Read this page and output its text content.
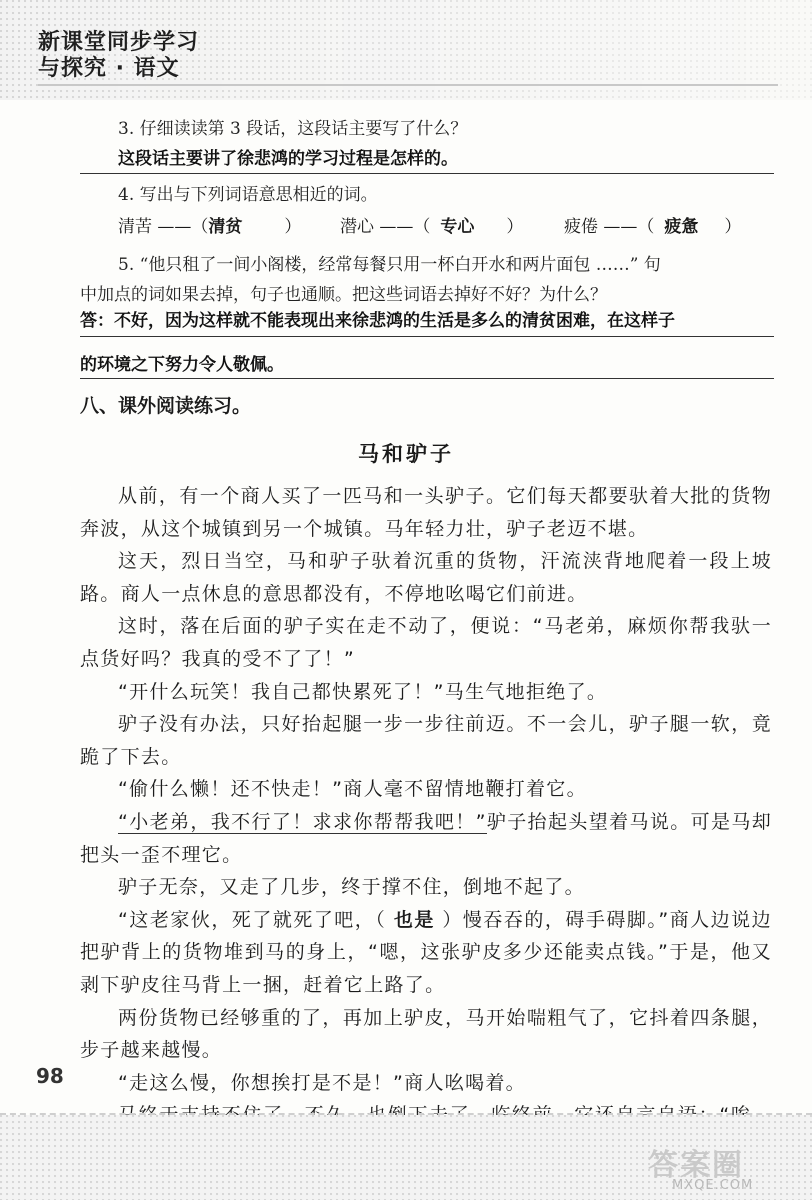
新课堂同步学习
与探究 · 语文

3. 仔细读读第 3 段话，这段话主要写了什么？

这段话主要讲了徐悲鸿的学习过程是怎样的。

4. 写出与下列词语意思相近的词。

清苦 ——（清贫 ） 潜心 ——（ 专心 ） 疲倦 ——（ 疲惫 ）

5. “他只租了一间小阁楼，经常每餐只用一杯白开水和两片面包 ……” 句

中加点的词如果去掉，句子也通顺。把这些词语去掉好不好？为什么？

答：不好，因为这样就不能表现出来徐悲鸿的生活是多么的清贫困难，在这样子

的环境之下努力令人敬佩。

八、课外阅读练习。
马和驴子

从前，有一个商人买了一匹马和一头驴子。它们每天都要驮着大批的货物奔波，从这个城镇到另一个城镇。马年轻力壮，驴子老迈不堪。

这天，烈日当空，马和驴子驮着沉重的货物，汗流浃背地爬着一段上坡路。商人一点休息的意思都没有，不停地吆喝它们前进。

这时，落在后面的驴子实在走不动了，便说：“马老弟，麻烦你帮我驮一点货好吗？我真的受不了了！”

“开什么玩笑！我自己都快累死了！”马生气地拒绝了。

驴子没有办法，只好抬起腿一步一步往前迈。不一会儿，驴子腿一软，竟跪了下去。

“偷什么懒！还不快走！”商人毫不留情地鞭打着它。

“小老弟，我不行了！求求你帮帮我吧！”驴子抬起头望着马说。可是马却把头一歪不理它。

驴子无奈，又走了几步，终于撑不住，倒地不起了。

“这老家伙，死了就死了吧，（ 也是 ）慢吞吞的，碍手碍脚。”商人边说边把驴背上的货物堆到马的身上，“嗯，这张驴皮多少还能卖点钱。”于是，他又剥下驴皮往马背上一捆，赶着它上路了。

两份货物已经够重的了，再加上驴皮，马开始喘粗气了，它抖着四条腿，步子越来越慢。

“走这么慢，你想挨打是不是！”商人吆喝着。

98

答案圈

MXQE.COM
